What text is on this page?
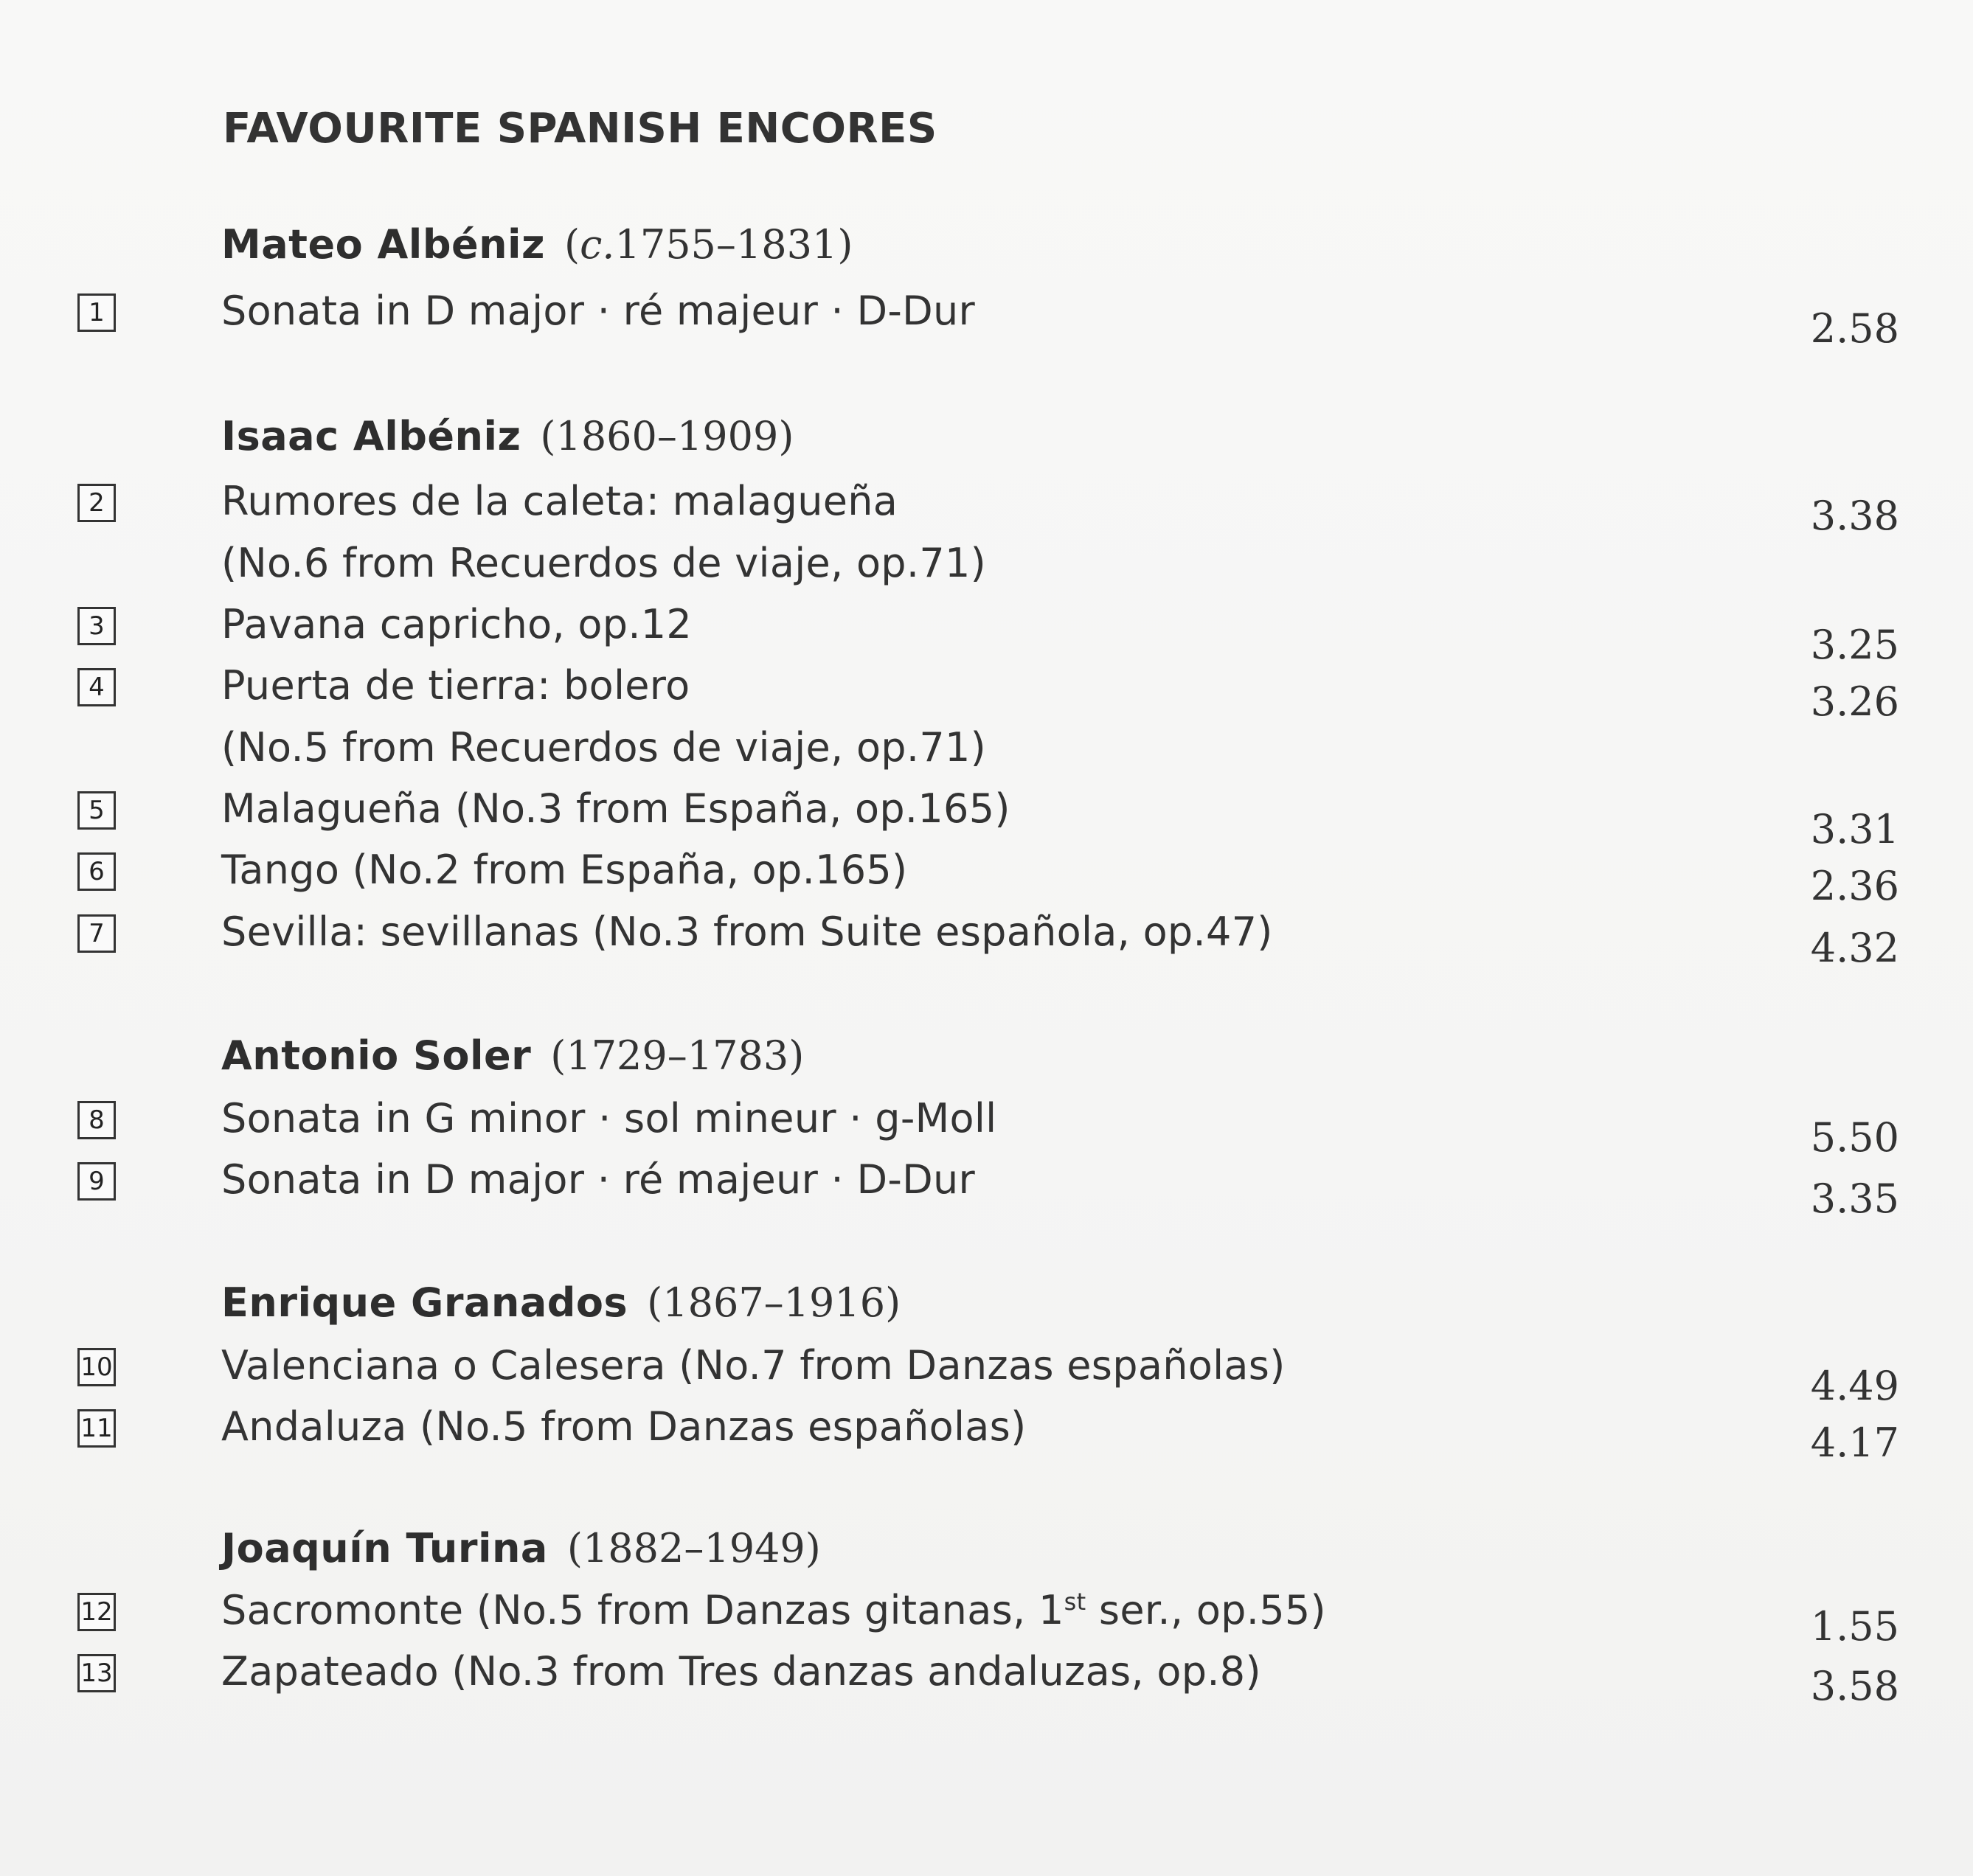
FAVOURITE SPANISH ENCORES
Mateo Albéniz (c.1755–1831)
1	Sonata in D major · ré majeur · D-Dur	2.58
Isaac Albéniz (1860–1909)
2	Rumores de la caleta: malagueña	3.38
(No.6 from Recuerdos de viaje, op.71)
3	Pavana capricho, op.12	3.25
4	Puerta de tierra: bolero	3.26
(No.5 from Recuerdos de viaje, op.71)
5	Malagueña (No.3 from España, op.165)	3.31
6	Tango (No.2 from España, op.165)	2.36
7	Sevilla: sevillanas (No.3 from Suite española, op.47)	4.32
Antonio Soler (1729–1783)
8	Sonata in G minor · sol mineur · g-Moll	5.50
9	Sonata in D major · ré majeur · D-Dur	3.35
Enrique Granados (1867–1916)
10	Valenciana o Calesera (No.7 from Danzas españolas)	4.49
11	Andaluza (No.5 from Danzas españolas)	4.17
Joaquín Turina (1882–1949)
12	Sacromonte (No.5 from Danzas gitanas, 1st ser., op.55)	1.55
13	Zapateado (No.3 from Tres danzas andaluzas, op.8)	3.58
